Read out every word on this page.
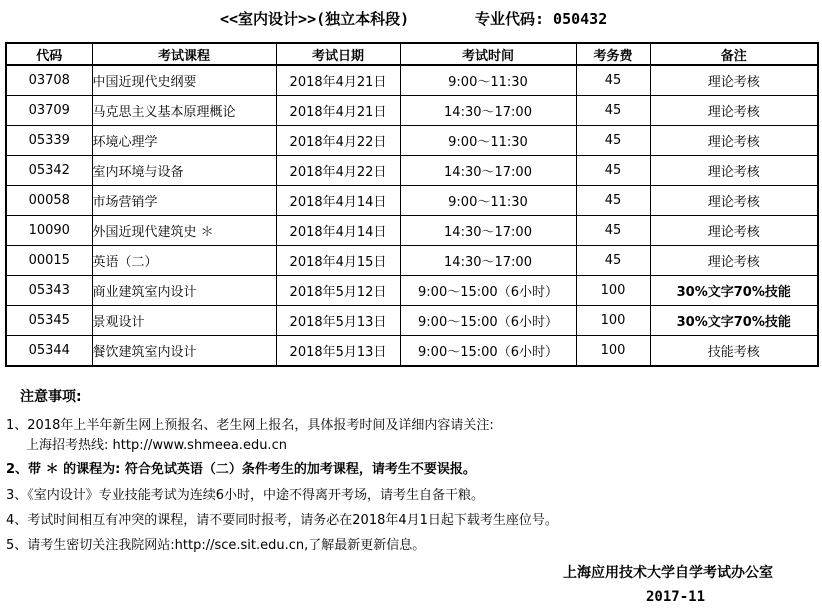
<<室内设计>>(独立本科段)	专业代码: 050432
代码	考试课程	考试日期	考试时间	考务费	备注
03708	中国近现代史纲要	2018年4月21日	9:00～11:30	45	理论考核
03709	马克思主义基本原理概论	2018年4月21日	14:30～17:00	45	理论考核
05339	环境心理学	2018年4月22日	9:00～11:30	45	理论考核
05342	室内环境与设备	2018年4月22日	14:30～17:00	45	理论考核
00058	市场营销学	2018年4月14日	9:00～11:30	45	理论考核
10090	外国近现代建筑史 ＊	2018年4月14日	14:30～17:00	45	理论考核
00015	英语（二）	2018年4月15日	14:30～17:00	45	理论考核
05343	商业建筑室内设计	2018年5月12日	9:00～15:00（6小时）	100	30%文字70%技能
05345	景观设计	2018年5月13日	9:00～15:00（6小时）	100	30%文字70%技能
05344	餐饮建筑室内设计	2018年5月13日	9:00～15:00（6小时）	100	技能考核
注意事项:
1、2018年上半年新生网上预报名、老生网上报名，具体报考时间及详细内容请关注:
上海招考热线: http://www.shmeea.edu.cn
2、带 ＊ 的课程为: 符合免试英语（二）条件考生的加考课程，请考生不要误报。
3、《室内设计》专业技能考试为连续6小时，中途不得离开考场，请考生自备干粮。
4、考试时间相互有冲突的课程，请不要同时报考，请务必在2018年4月1日起下载考生座位号。
5、请考生密切关注我院网站:http://sce.sit.edu.cn,了解最新更新信息。
上海应用技术大学自学考试办公室
2017-11
